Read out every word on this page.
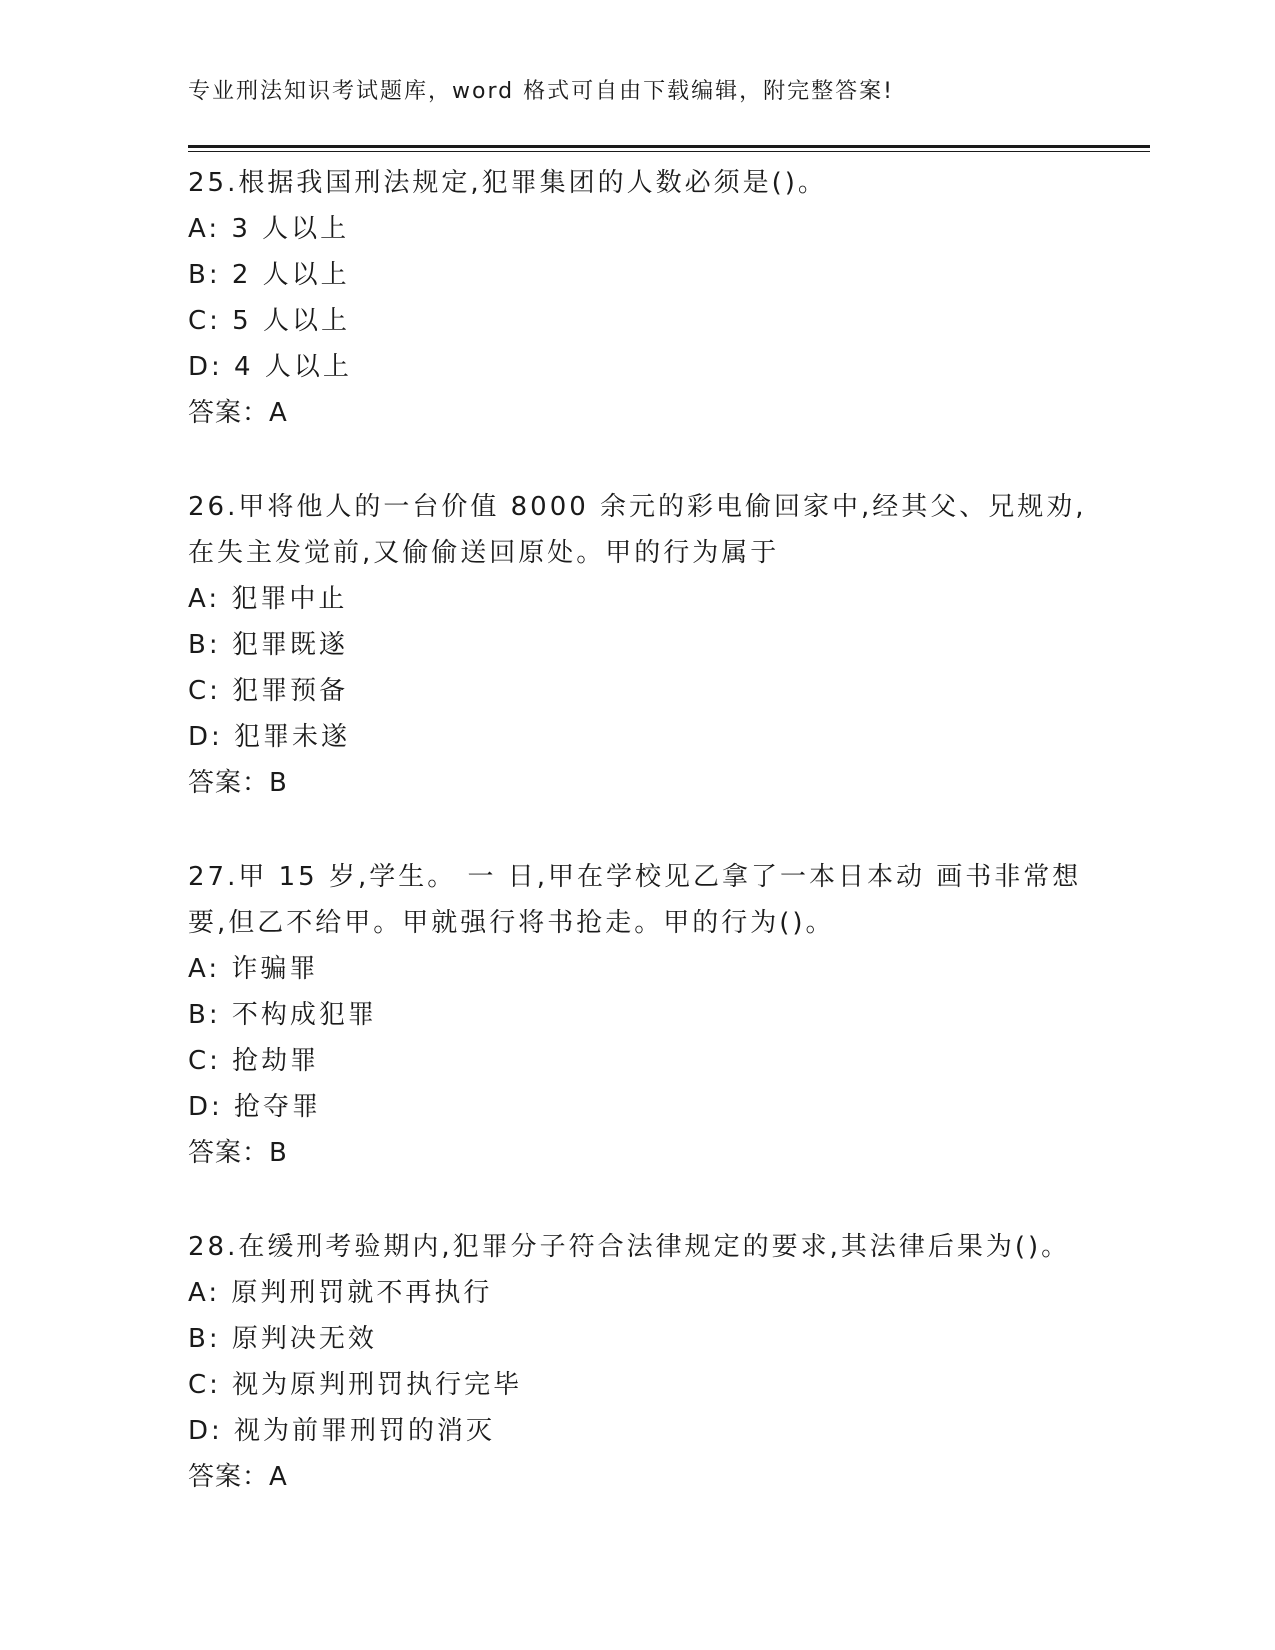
专业刑法知识考试题库，word 格式可自由下载编辑，附完整答案!
25.根据我国刑法规定,犯罪集团的人数必须是()。
A: 3 人以上
B: 2 人以上
C: 5 人以上
D: 4 人以上
答案：A
26.甲将他人的一台价值 8000 余元的彩电偷回家中,经其父、兄规劝,
在失主发觉前,又偷偷送回原处。甲的行为属于
A: 犯罪中止
B: 犯罪既遂
C: 犯罪预备
D: 犯罪未遂
答案：B
27.甲 15 岁,学生。 一 日,甲在学校见乙拿了一本日本动 画书非常想
要,但乙不给甲。甲就强行将书抢走。甲的行为()。
A: 诈骗罪
B: 不构成犯罪
C: 抢劫罪
D: 抢夺罪
答案：B
28.在缓刑考验期内,犯罪分子符合法律规定的要求,其法律后果为()。
A: 原判刑罚就不再执行
B: 原判决无效
C: 视为原判刑罚执行完毕
D: 视为前罪刑罚的消灭
答案：A
